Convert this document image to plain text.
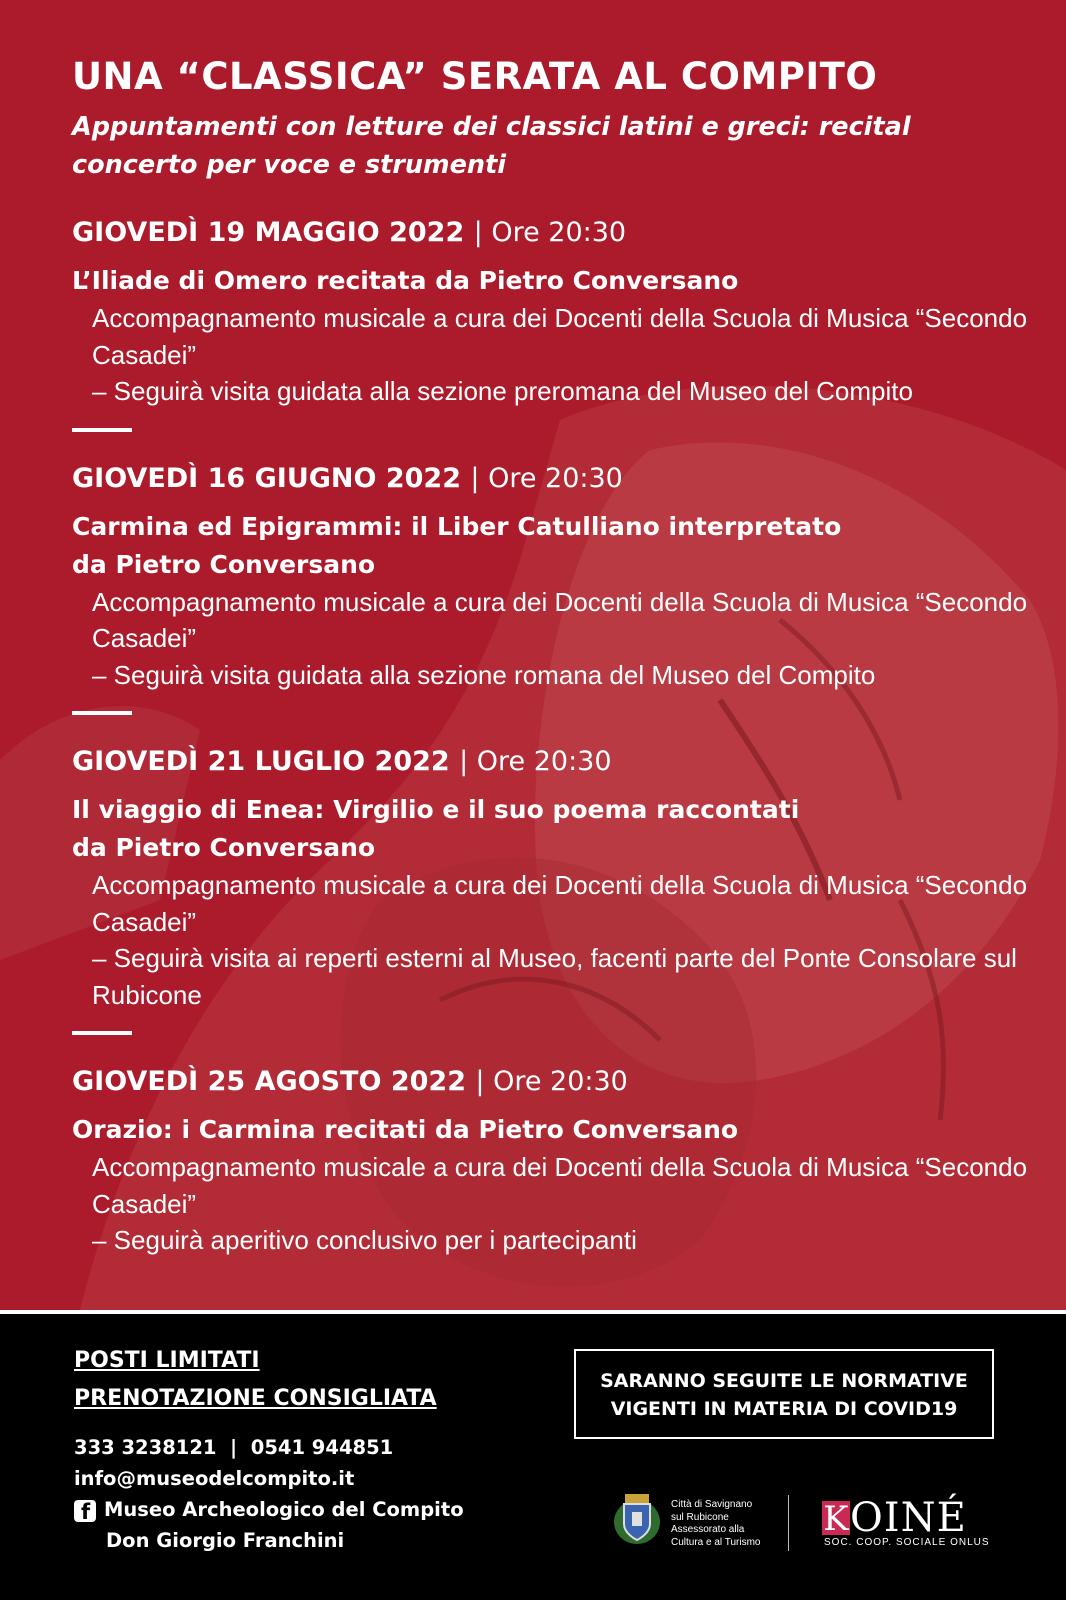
UNA “CLASSICA” SERATA AL COMPITO

Appuntamenti con letture dei classici latini e greci: recital concerto per voce e strumenti

GIOVEDÌ 19 MAGGIO 2022 | Ore 20:30
L’Iliade di Omero recitata da Pietro Conversano
Accompagnamento musicale a cura dei Docenti della Scuola di Musica “Secondo Casadei”
– Seguirà visita guidata alla sezione preromana del Museo del Compito
GIOVEDÌ 16 GIUGNO 2022 | Ore 20:30
Carmina ed Epigrammi: il Liber Catulliano interpretato
da Pietro Conversano
Accompagnamento musicale a cura dei Docenti della Scuola di Musica “Secondo Casadei”
– Seguirà visita guidata alla sezione romana del Museo del Compito
GIOVEDÌ 21 LUGLIO 2022 | Ore 20:30
Il viaggio di Enea: Virgilio e il suo poema raccontati
da Pietro Conversano
Accompagnamento musicale a cura dei Docenti della Scuola di Musica “Secondo Casadei”
– Seguirà visita ai reperti esterni al Museo, facenti parte del Ponte Consolare sul Rubicone
GIOVEDÌ 25 AGOSTO 2022 | Ore 20:30
Orazio: i Carmina recitati da Pietro Conversano
Accompagnamento musicale a cura dei Docenti della Scuola di Musica “Secondo Casadei”
– Seguirà aperitivo conclusivo per i partecipanti
POSTI LIMITATI
PRENOTAZIONE CONSIGLIATA
333 3238121  |  0541 944851
info@museodelcompito.it
f Museo Archeologico del Compito
Don Giorgio Franchini
SARANNO SEGUITE LE NORMATIVE
VIGENTI IN MATERIA DI COVID19
Città di Savignano
sul Rubicone
Assessorato alla
Cultura e al Turismo
K OINÉ
SOC. COOP. SOCIALE ONLUS
